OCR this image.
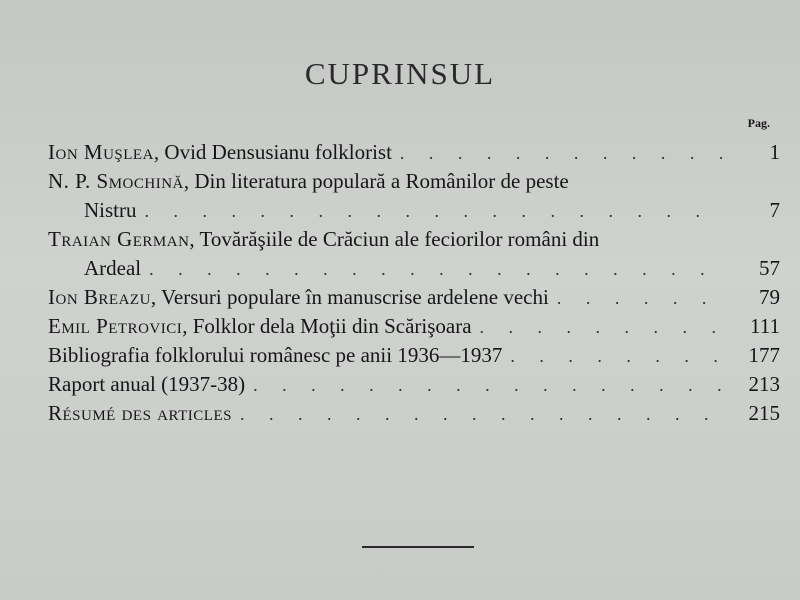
CUPRINSUL
Pag.
Ion Muşlea, Ovid Densusianu folklorist . . .	1
N. P. Smochină, Din literatura populară a Românilor de peste
Nistru . . .	7
Traian German, Tovărăşiile de Crăciun ale feciorilor români din
Ardeal . . .	57
Ion Breazu, Versuri populare în manuscrise ardelene vechi . . .	79
Emil Petrovici, Folklor dela Moţii din Scărişoara . . .	111
Bibliografia folklorului românesc pe anii 1936—1937 . . .	177
Raport anual (1937-38) . . .	213
Résumé des articles . . .	215
